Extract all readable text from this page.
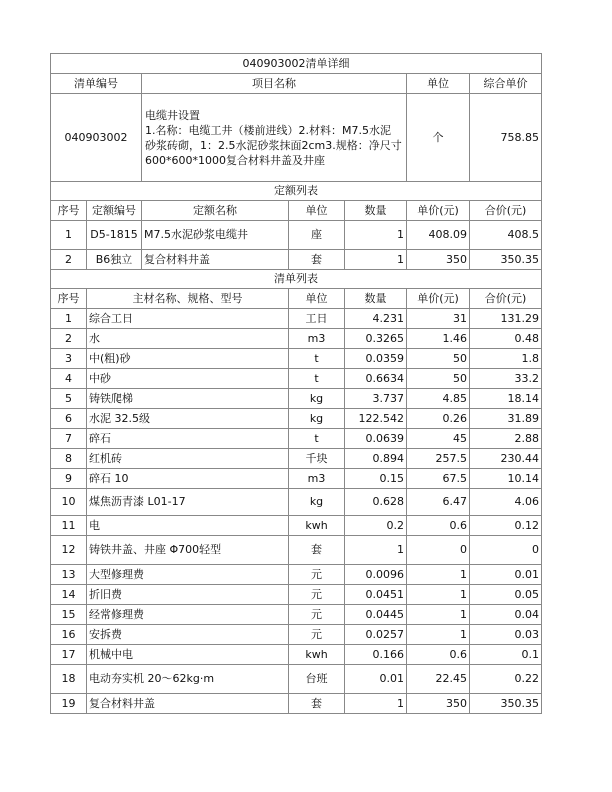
040903002清单详细						
清单编号		项目名称			单位	综合单价
040903002		电缆井设置
1.名称：电缆工井（楼前进线）2.材料：M7.5水泥
砂浆砖砌，1：2.5水泥砂浆抹面2cm3.规格：净尺寸
600*600*1000复合材料井盖及井座			个	758.85
定额列表						
序号	定额编号	定额名称	单位	数量	单价(元)	合价(元)
1	D5-1815	M7.5水泥砂浆电缆井	座	1	408.09	408.5
2	B6独立	复合材料井盖	套	1	350	350.35
清单列表						
序号	主材名称、规格、型号		单位	数量	单价(元)	合价(元)
1	综合工日		工日	4.231	31	131.29
2	水		m3	0.3265	1.46	0.48
3	中(粗)砂		t	0.0359	50	1.8
4	中砂		t	0.6634	50	33.2
5	铸铁爬梯		kg	3.737	4.85	18.14
6	水泥 32.5级		kg	122.542	0.26	31.89
7	碎石		t	0.0639	45	2.88
8	红机砖		千块	0.894	257.5	230.44
9	碎石 10		m3	0.15	67.5	10.14
10	煤焦沥青漆 L01-17		kg	0.628	6.47	4.06
11	电		kwh	0.2	0.6	0.12
12	铸铁井盖、井座 Φ700轻型		套	1	0	0
13	大型修理费		元	0.0096	1	0.01
14	折旧费		元	0.0451	1	0.05
15	经常修理费		元	0.0445	1	0.04
16	安拆费		元	0.0257	1	0.03
17	机械中电		kwh	0.166	0.6	0.1
18	电动夯实机 20～62kg·m		台班	0.01	22.45	0.22
19	复合材料井盖		套	1	350	350.35
